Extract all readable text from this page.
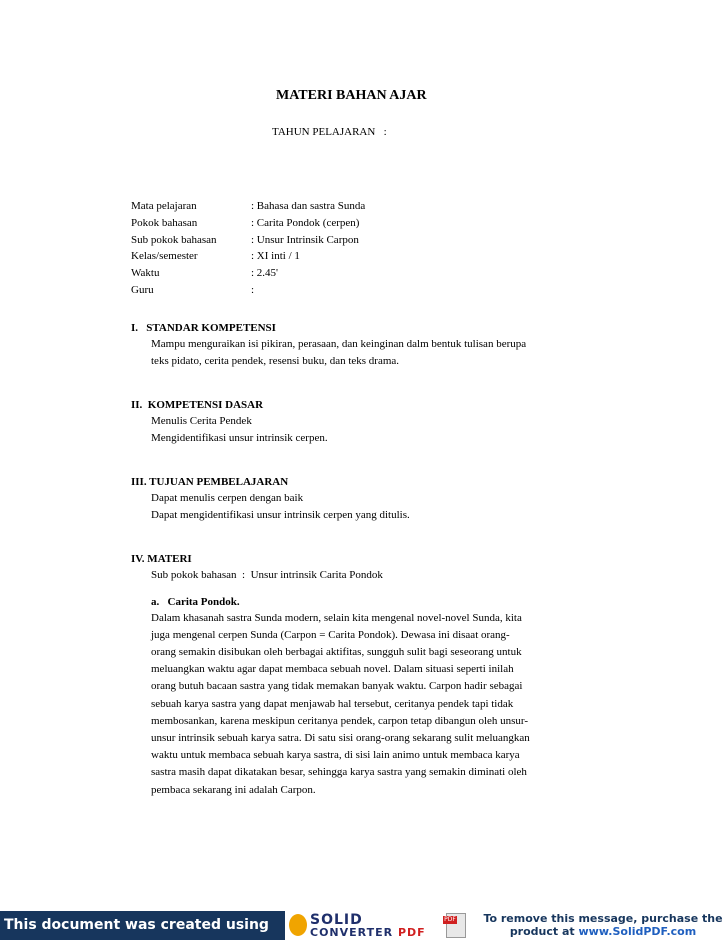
MATERI BAHAN AJAR
TAHUN PELAJARAN   :
Mata pelajaran	: Bahasa dan sastra Sunda
Pokok bahasan	: Carita Pondok (cerpen)
Sub pokok bahasan	: Unsur Intrinsik Carpon
Kelas/semester	: XI inti / 1
Waktu	: 2.45'
Guru	:
I.   STANDAR KOMPETENSI
Mampu menguraikan isi pikiran, perasaan, dan keinginan dalm bentuk tulisan berupa
teks pidato, cerita pendek, resensi buku, dan teks drama.
II.  KOMPETENSI DASAR
Menulis Cerita Pendek
Mengidentifikasi unsur intrinsik cerpen.
III. TUJUAN PEMBELAJARAN
Dapat menulis cerpen dengan baik
Dapat mengidentifikasi unsur intrinsik cerpen yang ditulis.
IV. MATERI
Sub pokok bahasan  :  Unsur intrinsik Carita Pondok
a.   Carita Pondok.
Dalam khasanah sastra Sunda modern, selain kita mengenal novel-novel Sunda, kita
juga mengenal cerpen Sunda (Carpon = Carita Pondok). Dewasa ini disaat orang-
orang semakin disibukan oleh berbagai aktifitas, sungguh sulit bagi seseorang untuk
meluangkan waktu agar dapat membaca sebuah novel. Dalam situasi seperti inilah
orang butuh bacaan sastra yang tidak memakan banyak waktu. Carpon hadir sebagai
sebuah karya sastra yang dapat menjawab hal tersebut, ceritanya pendek tapi tidak
membosankan, karena meskipun ceritanya pendek, carpon tetap dibangun oleh unsur-
unsur intrinsik sebuah karya satra. Di satu sisi orang-orang sekarang sulit meluangkan
waktu untuk membaca sebuah karya sastra, di sisi lain animo untuk membaca karya
sastra masih dapat dikatakan besar, sehingga karya sastra yang semakin diminati oleh
pembaca sekarang ini adalah Carpon.
This document was created using	SOLID
CONVERTER PDF
PDF	To remove this message, purchase the
product at www.SolidPDF.com
